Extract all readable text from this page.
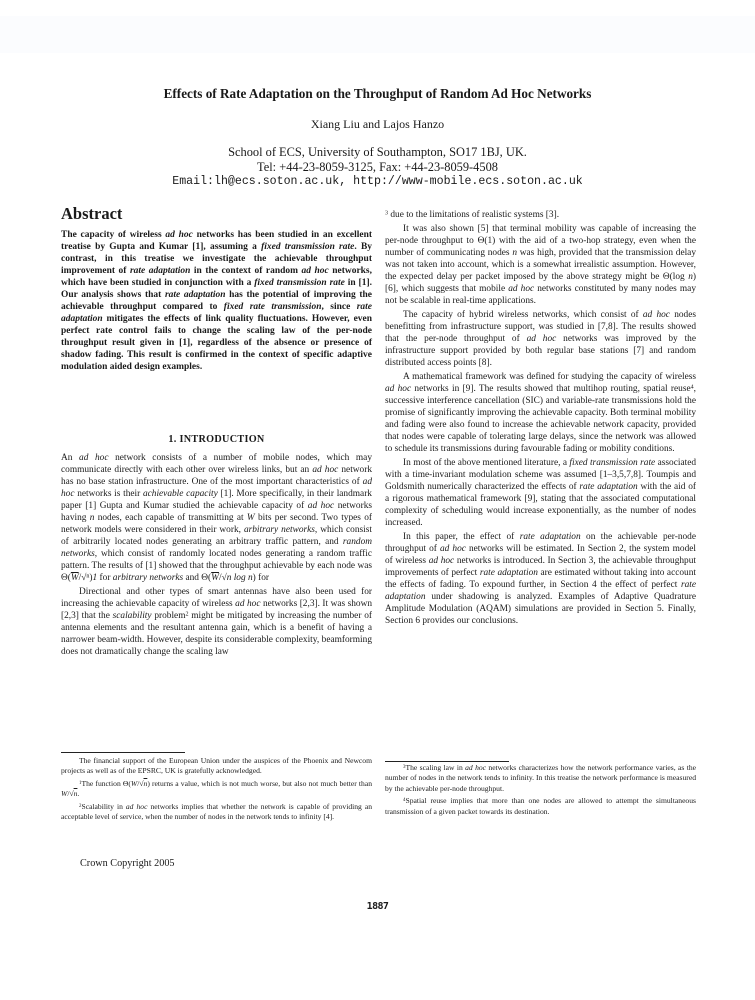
Effects of Rate Adaptation on the Throughput of Random Ad Hoc Networks
Xiang Liu and Lajos Hanzo
School of ECS, University of Southampton, SO17 1BJ, UK.
Tel: +44-23-8059-3125, Fax: +44-23-8059-4508
Email:lh@ecs.soton.ac.uk, http://www-mobile.ecs.soton.ac.uk
Abstract

The capacity of wireless ad hoc networks has been studied in an excellent treatise by Gupta and Kumar [1], assuming a fixed transmission rate. By contrast, in this treatise we investigate the achievable throughput improvement of rate adaptation in the context of random ad hoc networks, which have been studied in conjunction with a fixed transmission rate in [1]. Our analysis shows that rate adaptation has the potential of improving the achievable throughput compared to fixed rate transmission, since rate adaptation mitigates the effects of link quality fluctuations. However, even perfect rate control fails to change the scaling law of the per-node throughput result given in [1], regardless of the absence or presence of shadow fading. This result is confirmed in the context of specific adaptive modulation aided design examples.

1. INTRODUCTION

An ad hoc network consists of a number of mobile nodes, which may communicate directly with each other over wireless links, but an ad hoc network has no base station infrastructure. One of the most important characteristics of ad hoc networks is their achievable capacity [1]. More specifically, in their landmark paper [1] Gupta and Kumar studied the achievable capacity of ad hoc networks having n nodes, each capable of transmitting at W bits per second. Two types of network models were considered in their work, arbitrary networks, which consist of arbitrarily located nodes generating an arbitrary traffic pattern, and random networks, which consist of randomly located nodes generating a random traffic pattern. The results of [1] showed that the throughput achievable by each node was $\Theta(\overline{W}/√^n)1$ for arbitrary networks and $\Theta(\overline{W}/√n$ log n) for

Directional and other types of smart antennas have also been used for increasing the achievable capacity of wireless ad hoc networks [2,3]. It was shown [2,3] that the scalability problem$^2$ might be mitigated by increasing the number of antenna elements and the resultant antenna gain, which is a benefit of having a narrower beam-width. However, despite its considerable complexity, beamforming does not dramatically change the scaling law

$^3$ due to the limitations of realistic systems [3].

It was also shown [5] that terminal mobility was capable of increasing the per-node throughput to Θ(1) with the aid of a two-hop strategy, even when the number of communicating nodes n was high, provided that the transmission delay was not taken into account, which is a somewhat irrealistic assumption. However, the expected delay per packet imposed by the above strategy might be Θ(log n) [6], which suggests that mobile ad hoc networks constituted by many nodes may not be scalable in real-time applications.

The capacity of hybrid wireless networks, which consist of ad hoc nodes benefitting from infrastructure support, was studied in [7,8]. The results showed that the per-node throughput of ad hoc networks was improved by the infrastructure support provided by both regular base stations [7] and random distributed access points [8].

A mathematical framework was defined for studying the capacity of wireless ad hoc networks in [9]. The results showed that multihop routing, spatial reuse$^4$, successive interference cancellation (SIC) and variable-rate transmissions hold the promise of significantly improving the achievable capacity. Both terminal mobility and fading were also found to increase the achievable network capacity, provided that nodes were capable of tolerating large delays, since the network was allowed to schedule its transmissions during favourable fading or mobility conditions.

In most of the above mentioned literature, a fixed transmission rate associated with a time-invariant modulation scheme was assumed [1–3,5,7,8]. Toumpis and Goldsmith numerically characterized the effects of rate adaptation with the aid of a rigorous mathematical framework [9], stating that the associated computational complexity of scheduling would increase exponentially, as the number of nodes increased.

In this paper, the effect of rate adaptation on the achievable per-node throughput of ad hoc networks will be estimated. In Section 2, the system model of wireless ad hoc networks is introduced. In Section 3, the achievable throughput improvements of perfect rate adaptation are estimated without taking into account the effects of fading. To expound further, in Section 4 the effect of perfect rate adaptation under shadowing is analyzed. Examples of Adaptive Quadrature Amplitude Modulation (AQAM) simulations are provided in Section 5. Finally, Section 6 provides our conclusions.

The financial support of the European Union under the auspices of the Phoenix and Newcom projects as well as of the EPSRC, UK is gratefully acknowledged.

$^1$The function Θ(W/√n) returns a value, which is not much worse, but also not much better than W/√n.

$^2$Scalability in ad hoc networks implies that whether the network is capable of providing an acceptable level of service, when the number of nodes in the network tends to infinity [4].

$^3$The scaling law in ad hoc networks characterizes how the network performance varies, as the number of nodes in the network tends to infinity. In this treatise the network performance is measured by the achievable per-node throughput.

$^4$Spatial reuse implies that more than one nodes are allowed to attempt the simultaneous transmission of a given packet towards its destination.

Crown Copyright 2005
1887
